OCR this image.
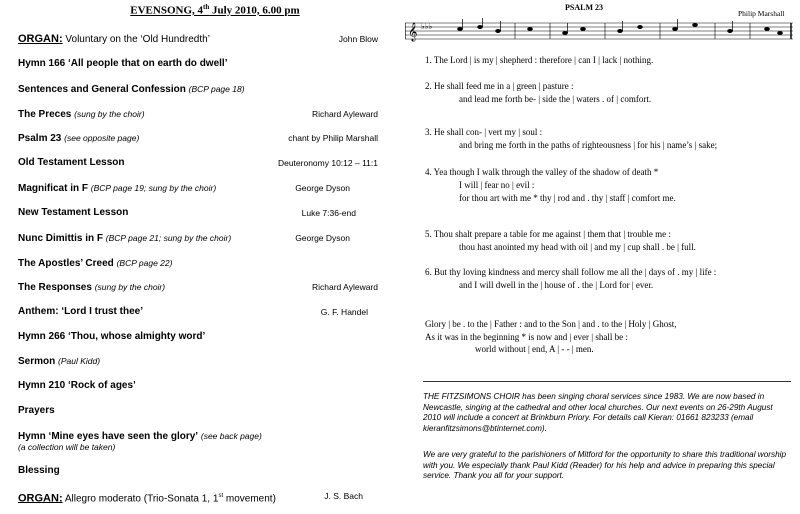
EVENSONG, 4th July 2010, 6.00 pm
ORGAN: Voluntary on the ‘Old Hundredth’	John Blow
Hymn 166 ‘All people that on earth do dwell’
Sentences and General Confession (BCP page 18)
The Preces (sung by the choir)	Richard Ayleward
Psalm 23 (see opposite page)	chant by Philip Marshall
Old Testament Lesson	Deuteronomy 10:12 – 11:1
Magnificat in F (BCP page 19; sung by the choir)	George Dyson
New Testament Lesson	Luke 7:36-end
Nunc Dimittis in F (BCP page 21; sung by the choir)	George Dyson
The Apostles’ Creed (BCP page 22)
The Responses (sung by the choir)	Richard Ayleward
Anthem: ‘Lord I trust thee’	G. F. Handel
Hymn 266 ‘Thou, whose almighty word’
Sermon (Paul Kidd)
Hymn 210 ‘Rock of ages’
Prayers
Hymn ‘Mine eyes have seen the glory’ (see back page)
(a collection will be taken)
Blessing
ORGAN: Allegro moderato (Trio-Sonata 1, 1st movement)	J. S. Bach
PSALM 23
Philip Marshall
𝄞 ♭♭♭
1. The Lord | is my | shepherd : therefore | can I | lack | nothing.
2. He shall feed me in a | green | pasture :
and lead me forth be- | side the | waters . of | comfort.
3. He shall con- | vert my | soul :
and bring me forth in the paths of righteousness | for his | name’s | sake;
4. Yea though I walk through the valley of the shadow of death *
I will | fear no | evil :
for thou art with me * thy | rod and . thy | staff | comfort me.
5. Thou shalt prepare a table for me against | them that | trouble me :
thou hast anointed my head with oil | and my | cup shall . be | full.
6. But thy loving kindness and mercy shall follow me all the | days of . my | life :
and I will dwell in the | house of . the | Lord for | ever.
Glory | be . to the | Father : and to the Son | and . to the | Holy | Ghost,
As it was in the beginning * is now and | ever | shall be :
world without | end, A | - - | men.
THE FITZSIMONS CHOIR has been singing choral services since 1983. We are now based in Newcastle, singing at the cathedral and other local churches. Our next events on 26-29th August 2010 will include a concert at Brinkburn Priory. For details call Kieran: 01661 823233 (email kieranfitzsimons@btinternet.com).
We are very grateful to the parishioners of Mitford for the opportunity to share this traditional worship with you. We especially thank Paul Kidd (Reader) for his help and advice in preparing this special service. Thank you all for your support.
